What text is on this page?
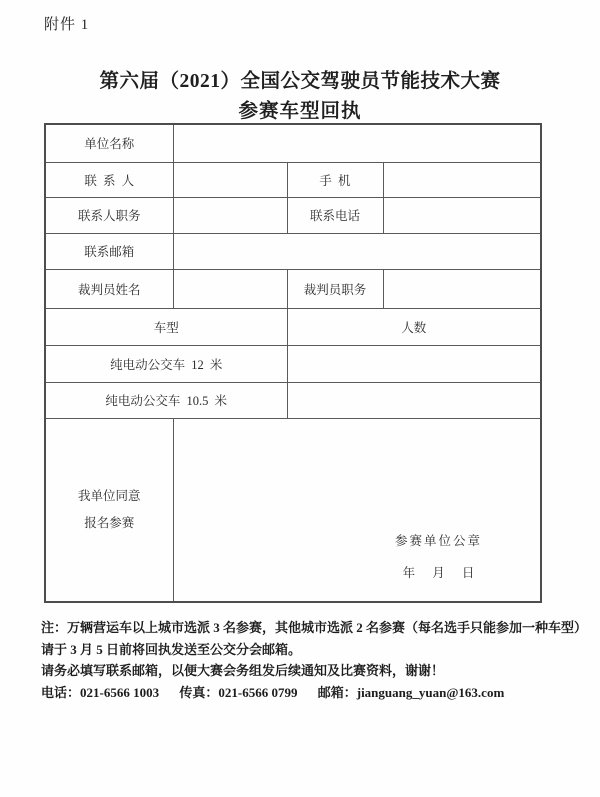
附件 1
第六届（2021）全国公交驾驶员节能技术大赛
参赛车型回执
单位名称			
联 系 人		手 机	
联系人职务		联系电话	
联系邮箱			
裁判员姓名		裁判员职务	
车型		人数	
纯电动公交车 12 米			
纯电动公交车 10.5 米			

我单位同意
报名参赛

参赛单位公章
年 月 日
注：万辆营运车以上城市选派 3 名参赛，其他城市选派 2 名参赛（每名选手只能参加一种车型）
请于 3 月 5 日前将回执发送至公交分会邮箱。
请务必填写联系邮箱，以便大赛会务组发后续通知及比赛资料，谢谢！
电话：021-6566 1003 传真：021-6566 0799 邮箱：jianguang_yuan@163.com
